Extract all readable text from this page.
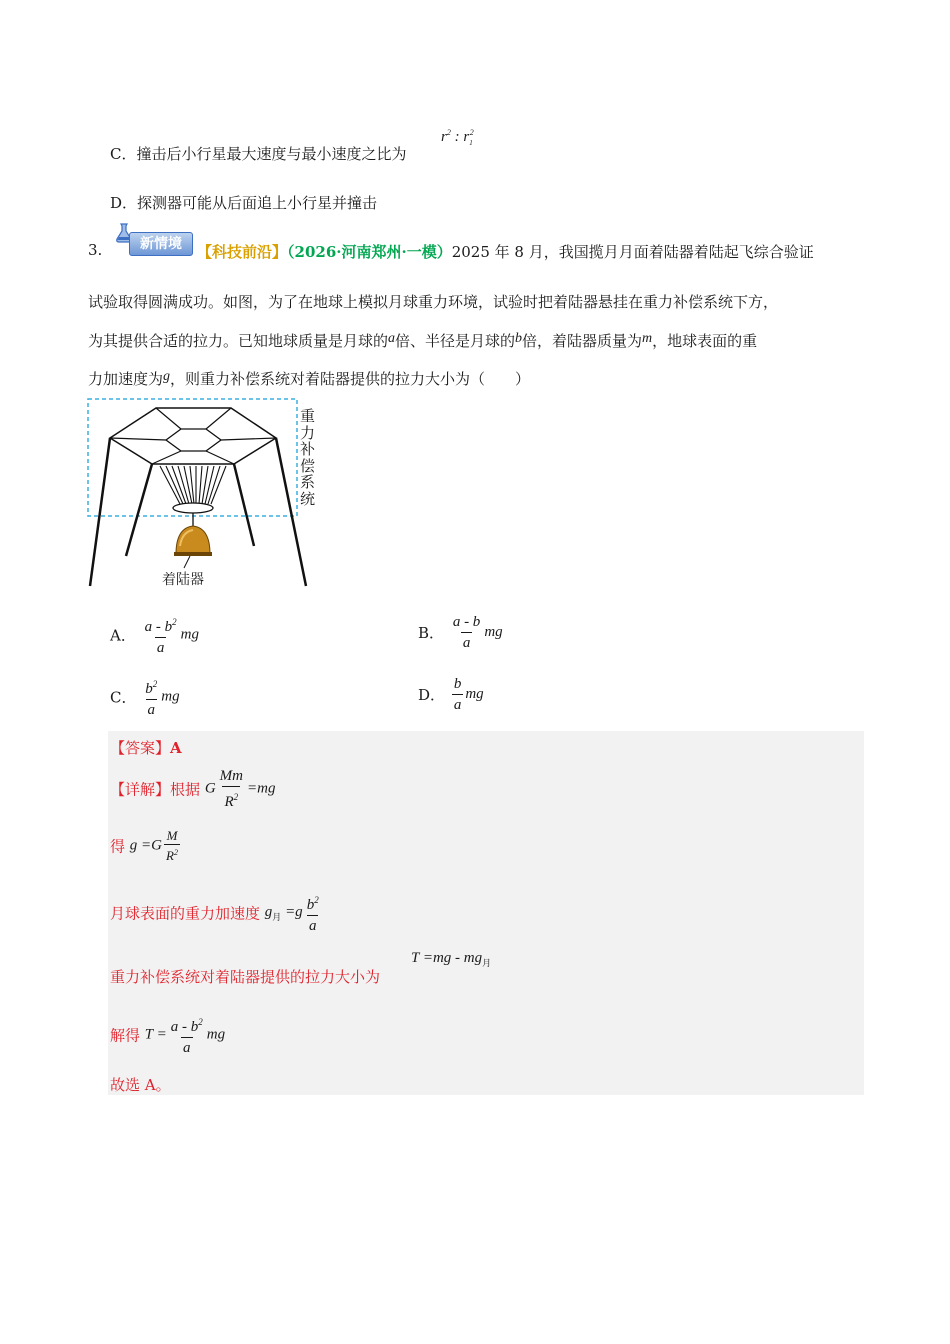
C．撞击后小行星最大速度与最小速度之比为
$r^2$ : $r_1^2$
D．探测器可能从后面追上小行星并撞击
3.	新情境	【科技前沿】（2026·河南郑州·一模）2025 年 8 月，我国揽月月面着陆器着陆起飞综合验证
试验取得圆满成功。如图，为了在地球上模拟月球重力环境，试验时把着陆器悬挂在重力补偿系统下方，
为其提供合适的拉力。已知地球质量是月球的a倍、半径是月球的b倍，着陆器质量为m，地球表面的重
力加速度为g，则重力补偿系统对着陆器提供的拉力大小为（　　）
重力补偿系统
着陆器
A． $\frac{a - b^2}{a}$ mg	B． $\frac{a - b}{a}$ mg
C． $\frac{b^2}{a}$ mg	D． $\frac{b}{a}$ mg
【答案】A
【详解】根据 G $\frac{Mm}{R^2} =mg$
得 $g =G \frac{M}{R^2}$
月球表面的重力加速度 $g_月 =g \frac{b^2}{a}$
重力补偿系统对着陆器提供的拉力大小为
$T =mg - mg_月$
解得 $T = \frac{a - b^2}{a}$ mg
故选 A。
